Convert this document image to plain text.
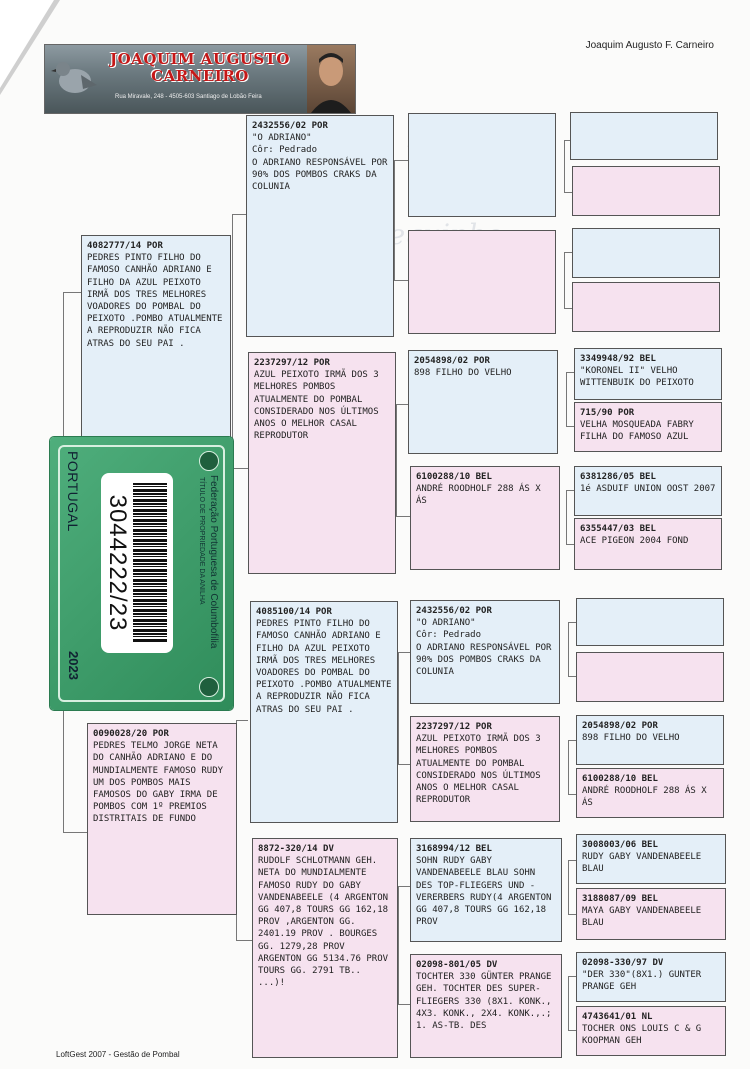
JOAQUIM AUGUSTO
CARNEIRO
Rua Miravale, 248 - 4505-603 Santiago de Lobão Feira
Joaquim Augusto F. Carneiro
4082777/14 POR
PEDRES PINTO FILHO DO FAMOSO CANHÃO ADRIANO E FILHO DA AZUL PEIXOTO IRMÃ DOS TRES MELHORES VOADORES DO POMBAL DO PEIXOTO .POMBO ATUALMENTE A REPRODUZIR NÃO FICA ATRAS DO SEU PAI .
0090028/20 POR
PEDRES TELMO JORGE NETA DO CANHÃO ADRIANO E DO MUNDIALMENTE FAMOSO RUDY UM DOS POMBOS MAIS FAMOSOS DO GABY IRMA DE POMBOS COM 1º PREMIOS DISTRITAIS DE FUNDO
2432556/02 POR
"O ADRIANO"
Côr: Pedrado
O ADRIANO RESPONSÁVEL POR 90% DOS POMBOS CRAKS DA COLUNIA
2237297/12 POR
AZUL PEIXOTO IRMÃ DOS 3 MELHORES POMBOS ATUALMENTE DO POMBAL CONSIDERADO NOS ÚLTIMOS ANOS O MELHOR CASAL REPRODUTOR
4085100/14 POR
PEDRES PINTO FILHO DO FAMOSO CANHÃO ADRIANO E FILHO DA AZUL PEIXOTO IRMÃ DOS TRES MELHORES VOADORES DO POMBAL DO PEIXOTO .POMBO ATUALMENTE A REPRODUZIR NÃO FICA ATRAS DO SEU PAI .
8872-320/14 DV
RUDOLF SCHLOTMANN GEH. NETA DO MUNDIALMENTE FAMOSO RUDY DO GABY VANDENABEELE (4 ARGENTON GG 407,8 TOURS GG 162,18 PROV ,ARGENTON GG. 2401.19 PROV . BOURGES GG. 1279,28 PROV ARGENTON GG 5134.76 PROV TOURS GG. 2791 TB.. ...)!
2054898/02 POR
898 FILHO DO VELHO
6100288/10 BEL
ANDRÉ ROODHOLF 288 ÁS X ÁS
2432556/02 POR
"O ADRIANO"
Côr: Pedrado
O ADRIANO RESPONSÁVEL POR 90% DOS POMBOS CRAKS DA COLUNIA
2237297/12 POR
AZUL PEIXOTO IRMÃ DOS 3 MELHORES POMBOS ATUALMENTE DO POMBAL CONSIDERADO NOS ÚLTIMOS ANOS O MELHOR CASAL REPRODUTOR
3168994/12 BEL
SOHN RUDY GABY VANDENABEELE BLAU SOHN DES TOP-FLIEGERS UND -VERERBERS RUDY(4 ARGENTON GG 407,8 TOURS GG 162,18 PROV
02098-801/05 DV
TOCHTER 330 GÜNTER PRANGE GEH. TOCHTER DES SUPER-FLIEGERS 330 (8X1. KONK., 4X3. KONK., 2X4. KONK.,.; 1. AS-TB. DES
3349948/92 BEL
"KORONEL II" VELHO WITTENBUIK DO PEIXOTO
715/90 POR
VELHA MOSQUEADA FABRY FILHA DO FAMOSO AZUL
6381286/05 BEL
1é ASDUIF UNION OOST 2007
6355447/03 BEL
ACE PIGEON 2004 FOND
2054898/02 POR
898 FILHO DO VELHO
6100288/10 BEL
ANDRÉ ROODHOLF 288 ÁS X ÁS
3008003/06 BEL
RUDY GABY VANDENABEELE BLAU
3188087/09 BEL
MAYA GABY VANDENABEELE BLAU
02098-330/97 DV
"DER 330"(8X1.) GUNTER PRANGE GEH
4743641/01 NL
TOCHER ONS LOUIS C & G KOOPMAN GEH
Federação Portuguesa de Columbofilia
TÍTULO DE PROPRIEDADE DA ANILHA
3044222/23
PORTUGAL
2023
LoftGest 2007 - Gestão de Pombal
